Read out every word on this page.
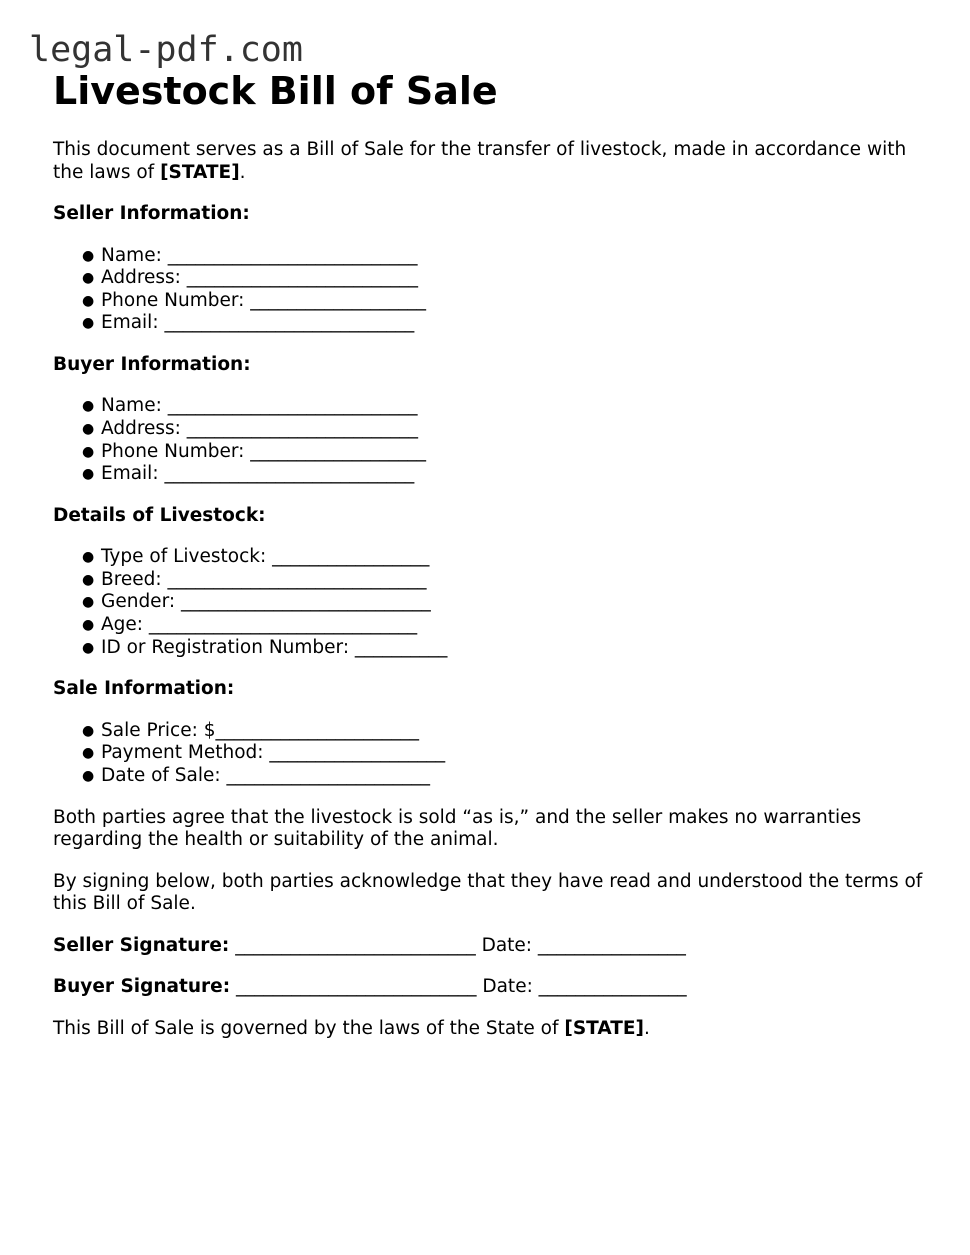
legal-pdf.com
Livestock Bill of Sale

This document serves as a Bill of Sale for the transfer of livestock, made in accordance with the laws of [STATE].

Seller Information:

● Name: ___________________________
● Address: _________________________
● Phone Number: ___________________
● Email: ___________________________

Buyer Information:

● Name: ___________________________
● Address: _________________________
● Phone Number: ___________________
● Email: ___________________________

Details of Livestock:

● Type of Livestock: _________________
● Breed: ____________________________
● Gender: ___________________________
● Age: _____________________________
● ID or Registration Number: __________

Sale Information:

● Sale Price: $______________________
● Payment Method: ___________________
● Date of Sale: ______________________

Both parties agree that the livestock is sold “as is,” and the seller makes no warranties regarding the health or suitability of the animal.

By signing below, both parties acknowledge that they have read and understood the terms of this Bill of Sale.

Seller Signature: __________________________ Date: ________________

Buyer Signature: __________________________ Date: ________________

This Bill of Sale is governed by the laws of the State of [STATE].
